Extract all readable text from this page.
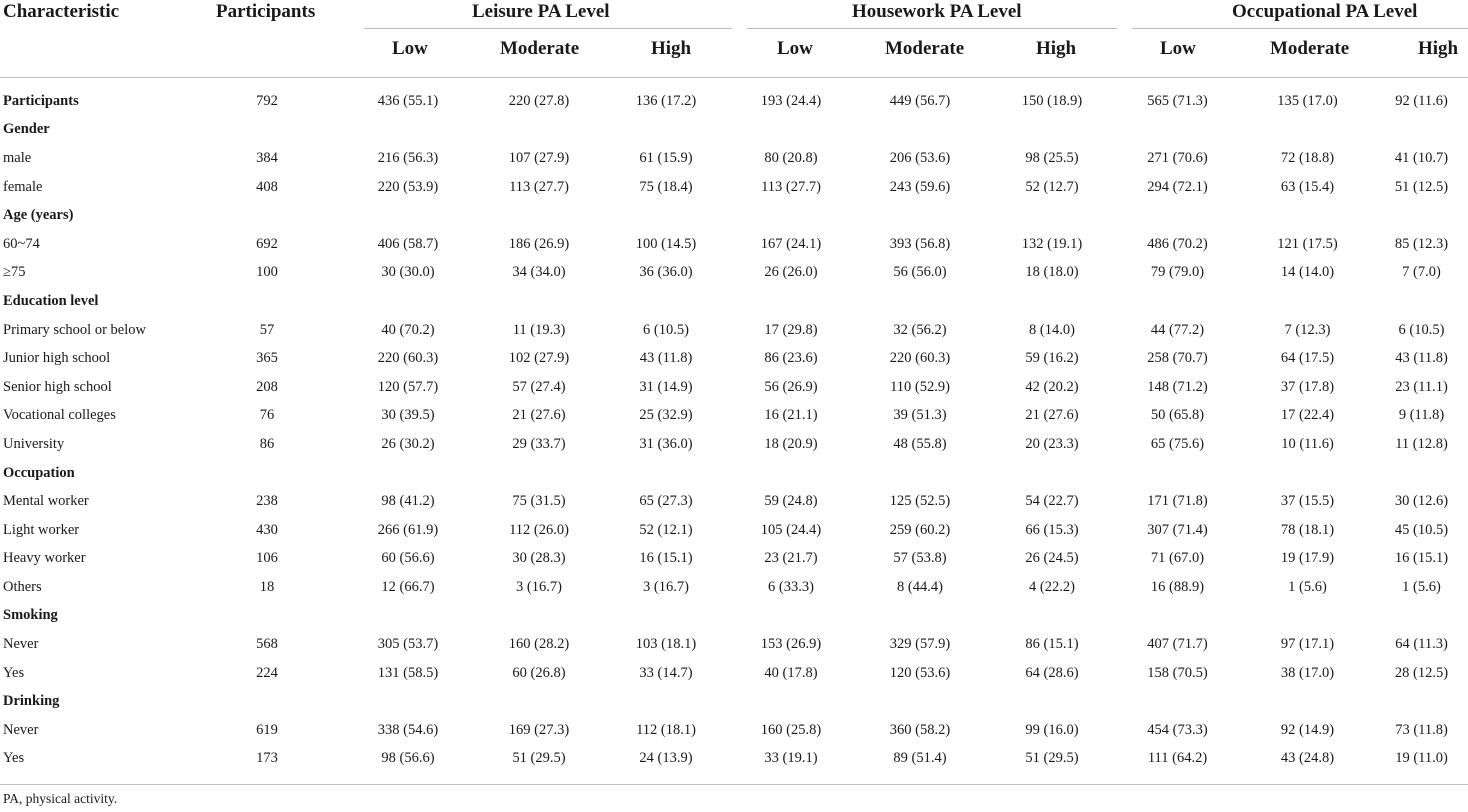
Characteristic	Participants	Leisure PA Level	Housework PA Level	Occupational PA Level
Low	Moderate	High	Low	Moderate	High	Low	Moderate	High
Participants	792	436 (55.1)	220 (27.8)	136 (17.2)	193 (24.4)	449 (56.7)	150 (18.9)	565 (71.3)	135 (17.0)	92 (11.6)
Gender										
male	384	216 (56.3)	107 (27.9)	61 (15.9)	80 (20.8)	206 (53.6)	98 (25.5)	271 (70.6)	72 (18.8)	41 (10.7)
female	408	220 (53.9)	113 (27.7)	75 (18.4)	113 (27.7)	243 (59.6)	52 (12.7)	294 (72.1)	63 (15.4)	51 (12.5)
Age (years)										
60~74	692	406 (58.7)	186 (26.9)	100 (14.5)	167 (24.1)	393 (56.8)	132 (19.1)	486 (70.2)	121 (17.5)	85 (12.3)
≥75	100	30 (30.0)	34 (34.0)	36 (36.0)	26 (26.0)	56 (56.0)	18 (18.0)	79 (79.0)	14 (14.0)	7 (7.0)
Education level										
Primary school or below	57	40 (70.2)	11 (19.3)	6 (10.5)	17 (29.8)	32 (56.2)	8 (14.0)	44 (77.2)	7 (12.3)	6 (10.5)
Junior high school	365	220 (60.3)	102 (27.9)	43 (11.8)	86 (23.6)	220 (60.3)	59 (16.2)	258 (70.7)	64 (17.5)	43 (11.8)
Senior high school	208	120 (57.7)	57 (27.4)	31 (14.9)	56 (26.9)	110 (52.9)	42 (20.2)	148 (71.2)	37 (17.8)	23 (11.1)
Vocational colleges	76	30 (39.5)	21 (27.6)	25 (32.9)	16 (21.1)	39 (51.3)	21 (27.6)	50 (65.8)	17 (22.4)	9 (11.8)
University	86	26 (30.2)	29 (33.7)	31 (36.0)	18 (20.9)	48 (55.8)	20 (23.3)	65 (75.6)	10 (11.6)	11 (12.8)
Occupation										
Mental worker	238	98 (41.2)	75 (31.5)	65 (27.3)	59 (24.8)	125 (52.5)	54 (22.7)	171 (71.8)	37 (15.5)	30 (12.6)
Light worker	430	266 (61.9)	112 (26.0)	52 (12.1)	105 (24.4)	259 (60.2)	66 (15.3)	307 (71.4)	78 (18.1)	45 (10.5)
Heavy worker	106	60 (56.6)	30 (28.3)	16 (15.1)	23 (21.7)	57 (53.8)	26 (24.5)	71 (67.0)	19 (17.9)	16 (15.1)
Others	18	12 (66.7)	3 (16.7)	3 (16.7)	6 (33.3)	8 (44.4)	4 (22.2)	16 (88.9)	1 (5.6)	1 (5.6)
Smoking										
Never	568	305 (53.7)	160 (28.2)	103 (18.1)	153 (26.9)	329 (57.9)	86 (15.1)	407 (71.7)	97 (17.1)	64 (11.3)
Yes	224	131 (58.5)	60 (26.8)	33 (14.7)	40 (17.8)	120 (53.6)	64 (28.6)	158 (70.5)	38 (17.0)	28 (12.5)
Drinking										
Never	619	338 (54.6)	169 (27.3)	112 (18.1)	160 (25.8)	360 (58.2)	99 (16.0)	454 (73.3)	92 (14.9)	73 (11.8)
Yes	173	98 (56.6)	51 (29.5)	24 (13.9)	33 (19.1)	89 (51.4)	51 (29.5)	111 (64.2)	43 (24.8)	19 (11.0)
PA, physical activity.
